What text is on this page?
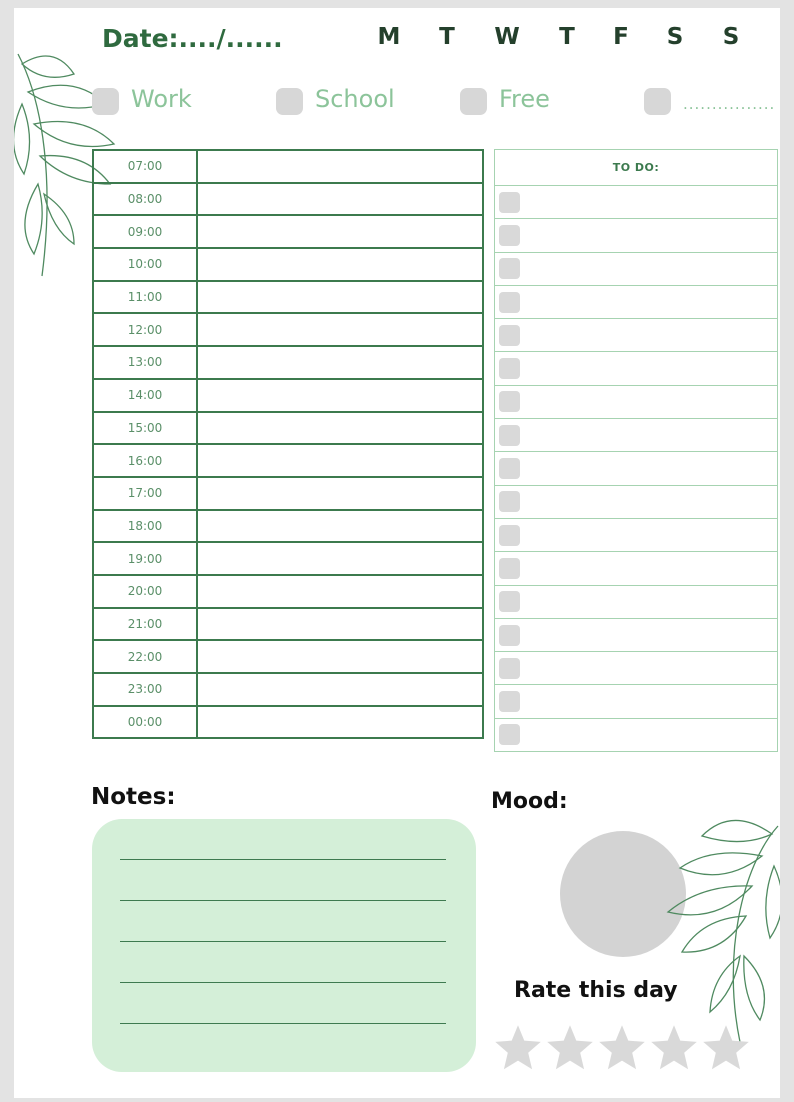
Date:..../......	M	T	W	T	F	S S
Work	School	Free	................
07:00	
08:00	
09:00	
10:00	
11:00	
12:00	
13:00	
14:00	
15:00	
16:00	
17:00	
18:00	
19:00	
20:00	
21:00	
22:00	
23:00	
00:00	
TO DO:

Notes:	Mood:
Rate this day
